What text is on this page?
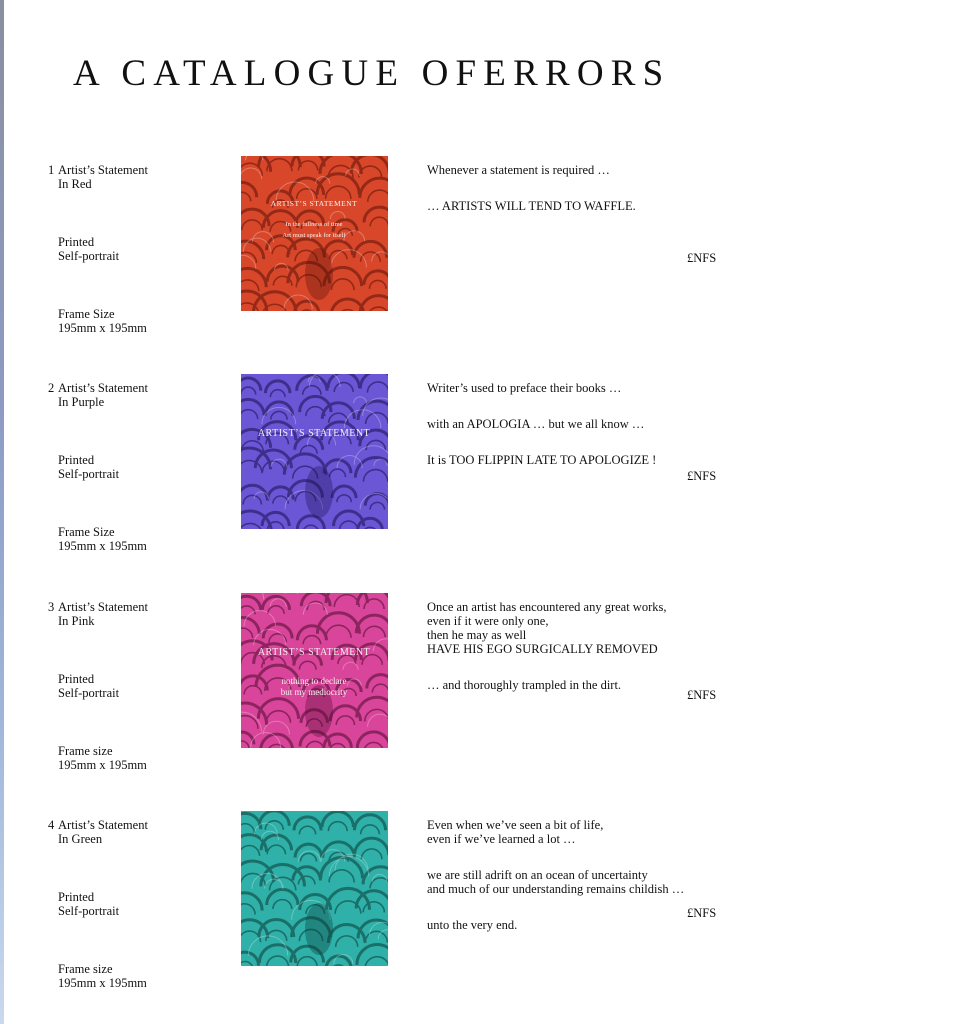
A CATALOGUE OFERRORS
1 Artist’s Statement
In Red
Printed
Self-portrait
Frame Size
195mm x 195mm
£NFS
ARTIST’S STATEMENT
In the fullness of time
Art must speak for itself
Whenever a statement is required …
… ARTISTS WILL TEND TO WAFFLE.
2 Artist’s Statement
In Purple
Printed
Self-portrait
Frame Size
195mm x 195mm
£NFS
ARTIST’S STATEMENT
Writer’s used to preface their books …
with an APOLOGIA … but we all know …
It is TOO FLIPPIN LATE TO APOLOGIZE !
3 Artist’s Statement
In Pink
Printed
Self-portrait
Frame size
195mm x 195mm
£NFS
ARTIST’S STATEMENT
nothing to declare
but my mediocrity
Once an artist has encountered any great works,
even if it were only one,
then he may as well
HAVE HIS EGO SURGICALLY REMOVED
… and thoroughly trampled in the dirt.
4 Artist’s Statement
In Green
Printed
Self-portrait
Frame size
195mm x 195mm
£NFS
Even when we’ve seen a bit of life,
even if we’ve learned a lot …
we are still adrift on an ocean of uncertainty
and much of our understanding remains childish …
unto the very end.
